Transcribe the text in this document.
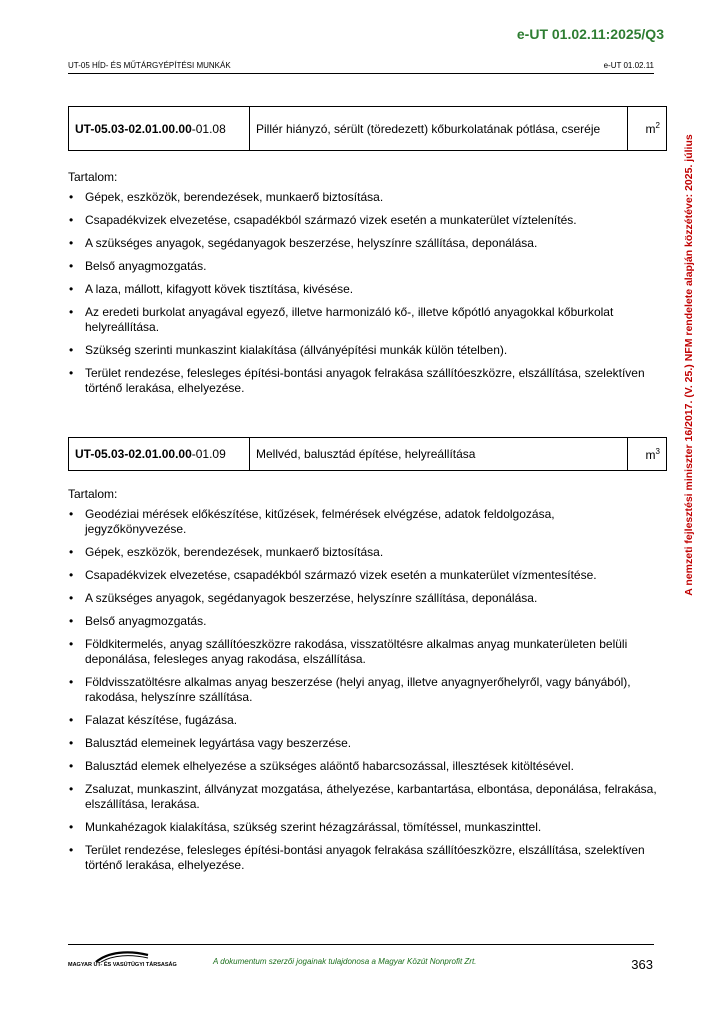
e-UT 01.02.11:2025/Q3
UT-05 HÍD- ÉS MŰTÁRGYÉPÍTÉSI MUNKÁK	e-UT 01.02.11
A nemzeti fejlesztési miniszter 16/2017. (V. 25.) NFM rendelete alapján közzétéve: 2025. július
UT-05.03-02.01.00.00-01.08	Pillér hiányzó, sérült (töredezett) kőburkolatának pótlása, cseréje	$m^2$
Tartalom:
• Gépek, eszközök, berendezések, munkaerő biztosítása.
• Csapadékvizek elvezetése, csapadékból származó vizek esetén a munkaterület víztelenítés.
• A szükséges anyagok, segédanyagok beszerzése, helyszínre szállítása, deponálása.
• Belső anyagmozgatás.
• A laza, mállott, kifagyott kövek tisztítása, kivésése.
• Az eredeti burkolat anyagával egyező, illetve harmonizáló kő-, illetve kőpótló anyagokkal kőburkolat helyreállítása.
• Szükség szerinti munkaszint kialakítása (állványépítési munkák külön tételben).
• Terület rendezése, felesleges építési-bontási anyagok felrakása szállítóeszközre, elszállítása, szelektíven történő lerakása, elhelyezése.
UT-05.03-02.01.00.00-01.09	Mellvéd, balusztád építése, helyreállítása	$m^3$
Tartalom:
• Geodéziai mérések előkészítése, kitűzések, felmérések elvégzése, adatok feldolgozása, jegyzőkönyvezése.
• Gépek, eszközök, berendezések, munkaerő biztosítása.
• Csapadékvizek elvezetése, csapadékból származó vizek esetén a munkaterület vízmentesítése.
• A szükséges anyagok, segédanyagok beszerzése, helyszínre szállítása, deponálása.
• Belső anyagmozgatás.
• Földkitermelés, anyag szállítóeszközre rakodása, visszatöltésre alkalmas anyag munkaterületen belüli deponálása, felesleges anyag rakodása, elszállítása.
• Földvisszatöltésre alkalmas anyag beszerzése (helyi anyag, illetve anyagnyerőhelyről, vagy bányából), rakodása, helyszínre szállítása.
• Falazat készítése, fugázása.
• Balusztád elemeinek legyártása vagy beszerzése.
• Balusztád elemek elhelyezése a szükséges aláöntő habarcsozással, illesztések kitöltésével.
• Zsaluzat, munkaszint, állványzat mozgatása, áthelyezése, karbantartása, elbontása, deponálása, felrakása, elszállítása, lerakása.
• Munkahézagok kialakítása, szükség szerint hézagzárással, tömítéssel, munkaszinttel.
• Terület rendezése, felesleges építési-bontási anyagok felrakása szállítóeszközre, elszállítása, szelektíven történő lerakása, elhelyezése.
MAGYAR ÚT- ÉS VASÚTÜGYI TÁRSASÁG	A dokumentum szerzői jogainak tulajdonosa a Magyar Közút Nonprofit Zrt.	363
